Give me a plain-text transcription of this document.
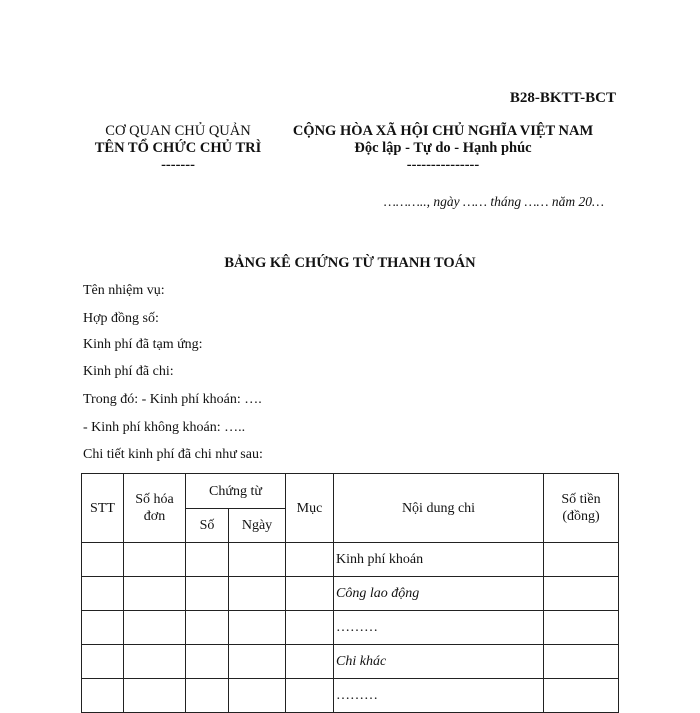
B28-BKTT-BCT
CƠ QUAN CHỦ QUẢN
TÊN TỔ CHỨC CHỦ TRÌ
-------
CỘNG HÒA XÃ HỘI CHỦ NGHĨA VIỆT NAM
Độc lập - Tự do - Hạnh phúc
---------------
……….., ngày …… tháng …… năm 20…
BẢNG KÊ CHỨNG TỪ THANH TOÁN
Tên nhiệm vụ:
Hợp đồng số:
Kinh phí đã tạm ứng:
Kinh phí đã chi:
Trong đó: - Kinh phí khoán: ….
- Kinh phí không khoán: …..
Chi tiết kinh phí đã chi như sau:
STT	Số hóa đơn	Chứng từ		Mục	Nội dung chi	Số tiền (đồng)
		Số	Ngày			
					Kinh phí khoán	
					Công lao động	
					………	
					Chi khác	
					………	
